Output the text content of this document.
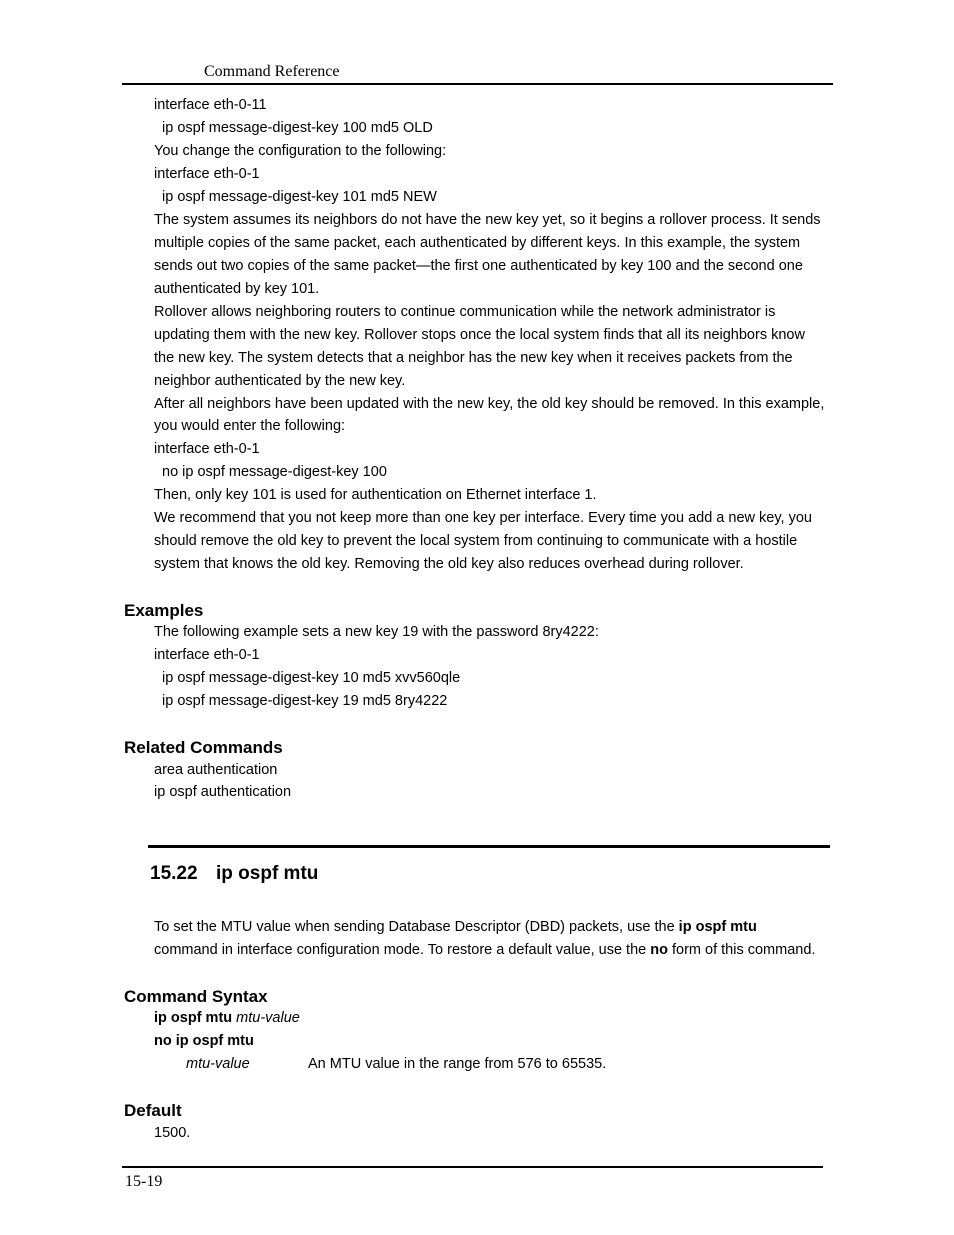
Command Reference
interface eth-0-11
ip ospf message-digest-key 100 md5 OLD
You change the configuration to the following:
interface eth-0-1
ip ospf message-digest-key 101 md5 NEW
The system assumes its neighbors do not have the new key yet, so it begins a rollover process. It sends
multiple copies of the same packet, each authenticated by different keys. In this example, the system
sends out two copies of the same packet—the first one authenticated by key 100 and the second one
authenticated by key 101.
Rollover allows neighboring routers to continue communication while the network administrator is
updating them with the new key. Rollover stops once the local system finds that all its neighbors know
the new key. The system detects that a neighbor has the new key when it receives packets from the
neighbor authenticated by the new key.
After all neighbors have been updated with the new key, the old key should be removed. In this example,
you would enter the following:
interface eth-0-1
no ip ospf message-digest-key 100
Then, only key 101 is used for authentication on Ethernet interface 1.
We recommend that you not keep more than one key per interface. Every time you add a new key, you
should remove the old key to prevent the local system from continuing to communicate with a hostile
system that knows the old key. Removing the old key also reduces overhead during rollover.
Examples
The following example sets a new key 19 with the password 8ry4222:
interface eth-0-1
ip ospf message-digest-key 10 md5 xvv560qle
ip ospf message-digest-key 19 md5 8ry4222
Related Commands
area authentication
ip ospf authentication
15.22 ip ospf mtu
To set the MTU value when sending Database Descriptor (DBD) packets, use the ip ospf mtu
command in interface configuration mode. To restore a default value, use the no form of this command.
Command Syntax
ip ospf mtu mtu-value
no ip ospf mtu
mtu-value	An MTU value in the range from 576 to 65535.
Default
1500.
15-19
